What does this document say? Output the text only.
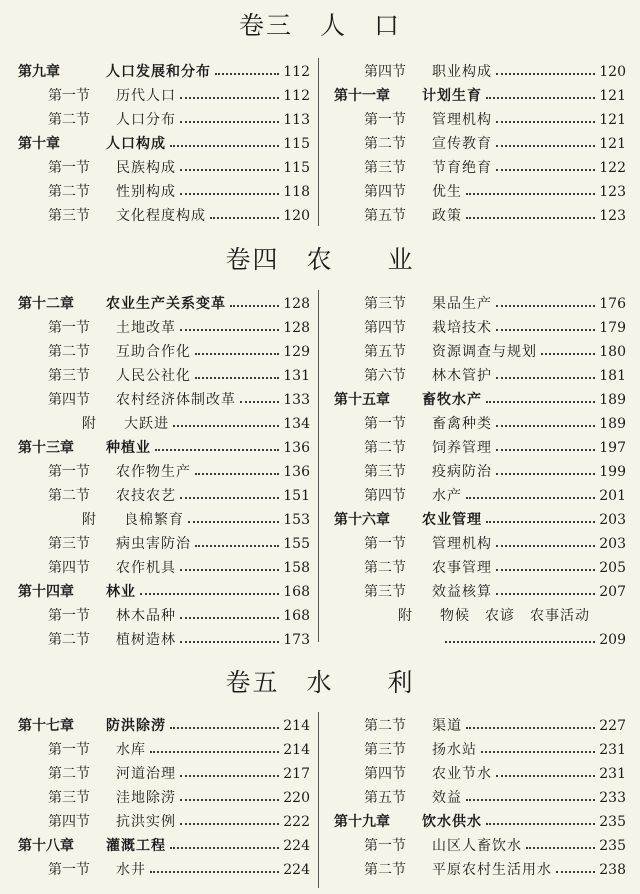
卷三　人　口
第九章	人口发展和分布	112
第一节	历代人口	112
第二节	人口分布	113
第十章	人口构成	115
第一节	民族构成	115
第二节	性别构成	118
第三节	文化程度构成	120
第四节	职业构成	120
第十一章	计划生育	121
第一节	管理机构	121
第二节	宣传教育	121
第三节	节育绝育	122
第四节	优生	123
第五节	政策	123
卷四　农　　业
第十二章	农业生产关系变革	128
第一节	土地改革	128
第二节	互助合作化	129
第三节	人民公社化	131
第四节	农村经济体制改革	133
附	大跃进	134
第十三章	种植业	136
第一节	农作物生产	136
第二节	农技农艺	151
附	良棉繁育	153
第三节	病虫害防治	155
第四节	农作机具	158
第十四章	林业	168
第一节	林木品种	168
第二节	植树造林	173
第三节	果品生产	176
第四节	栽培技术	179
第五节	资源调查与规划	180
第六节	林木管护	181
第十五章	畜牧水产	189
第一节	畜禽种类	189
第二节	饲养管理	197
第三节	疫病防治	199
第四节	水产	201
第十六章	农业管理	203
第一节	管理机构	203
第二节	农事管理	205
第三节	效益核算	207
附	物候　农谚　农事活动
209
卷五　水　　利
第十七章	防洪除涝	214
第一节	水库	214
第二节	河道治理	217
第三节	洼地除涝	220
第四节	抗洪实例	222
第十八章	灌溉工程	224
第一节	水井	224
第二节	渠道	227
第三节	扬水站	231
第四节	农业节水	231
第五节	效益	233
第十九章	饮水供水	235
第一节	山区人畜饮水	235
第二节	平原农村生活用水	238
